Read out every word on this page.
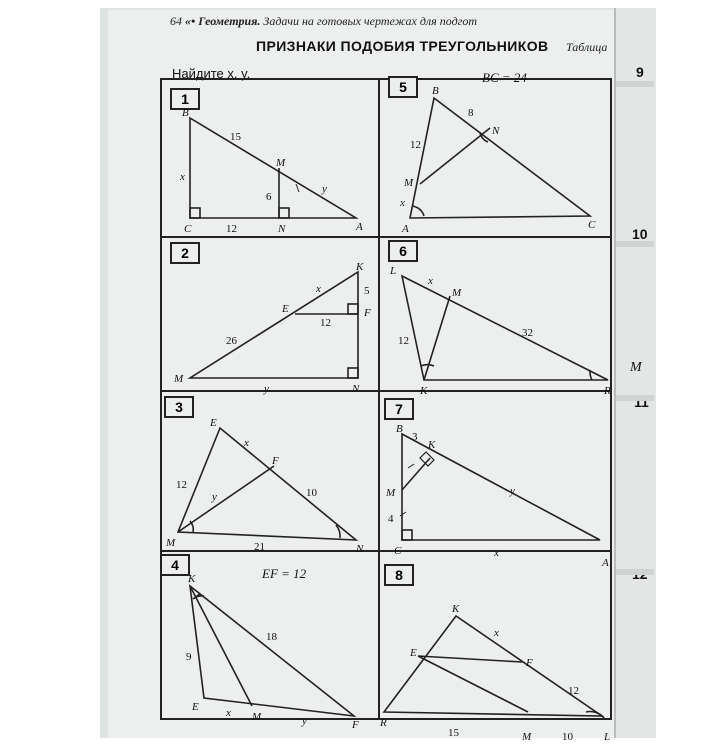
64 «• Геометрия. Задачи на готовых чертежах для подгот
ПРИЗНАКИ ПОДОБИЯ ТРЕУГОЛЬНИКОВ Таблица
Найдите x, y.
1
2
3
4
5
6
7
8
BC = 24
EF = 12
9
10
11
12
M
B
C	A
M
N
x
y
15
6
12
K
F
E
M
N
x
y
5
12
26
E
F
M	N
x
y
12
10
21
K
E
M
F
x
y
9
18
B
N
M
A	C
x
8
12
L
M
K	R
x
12
32
B
K
M
C
A
x
y
3
4
K
E
F
R
M	L
x
12
15	10
